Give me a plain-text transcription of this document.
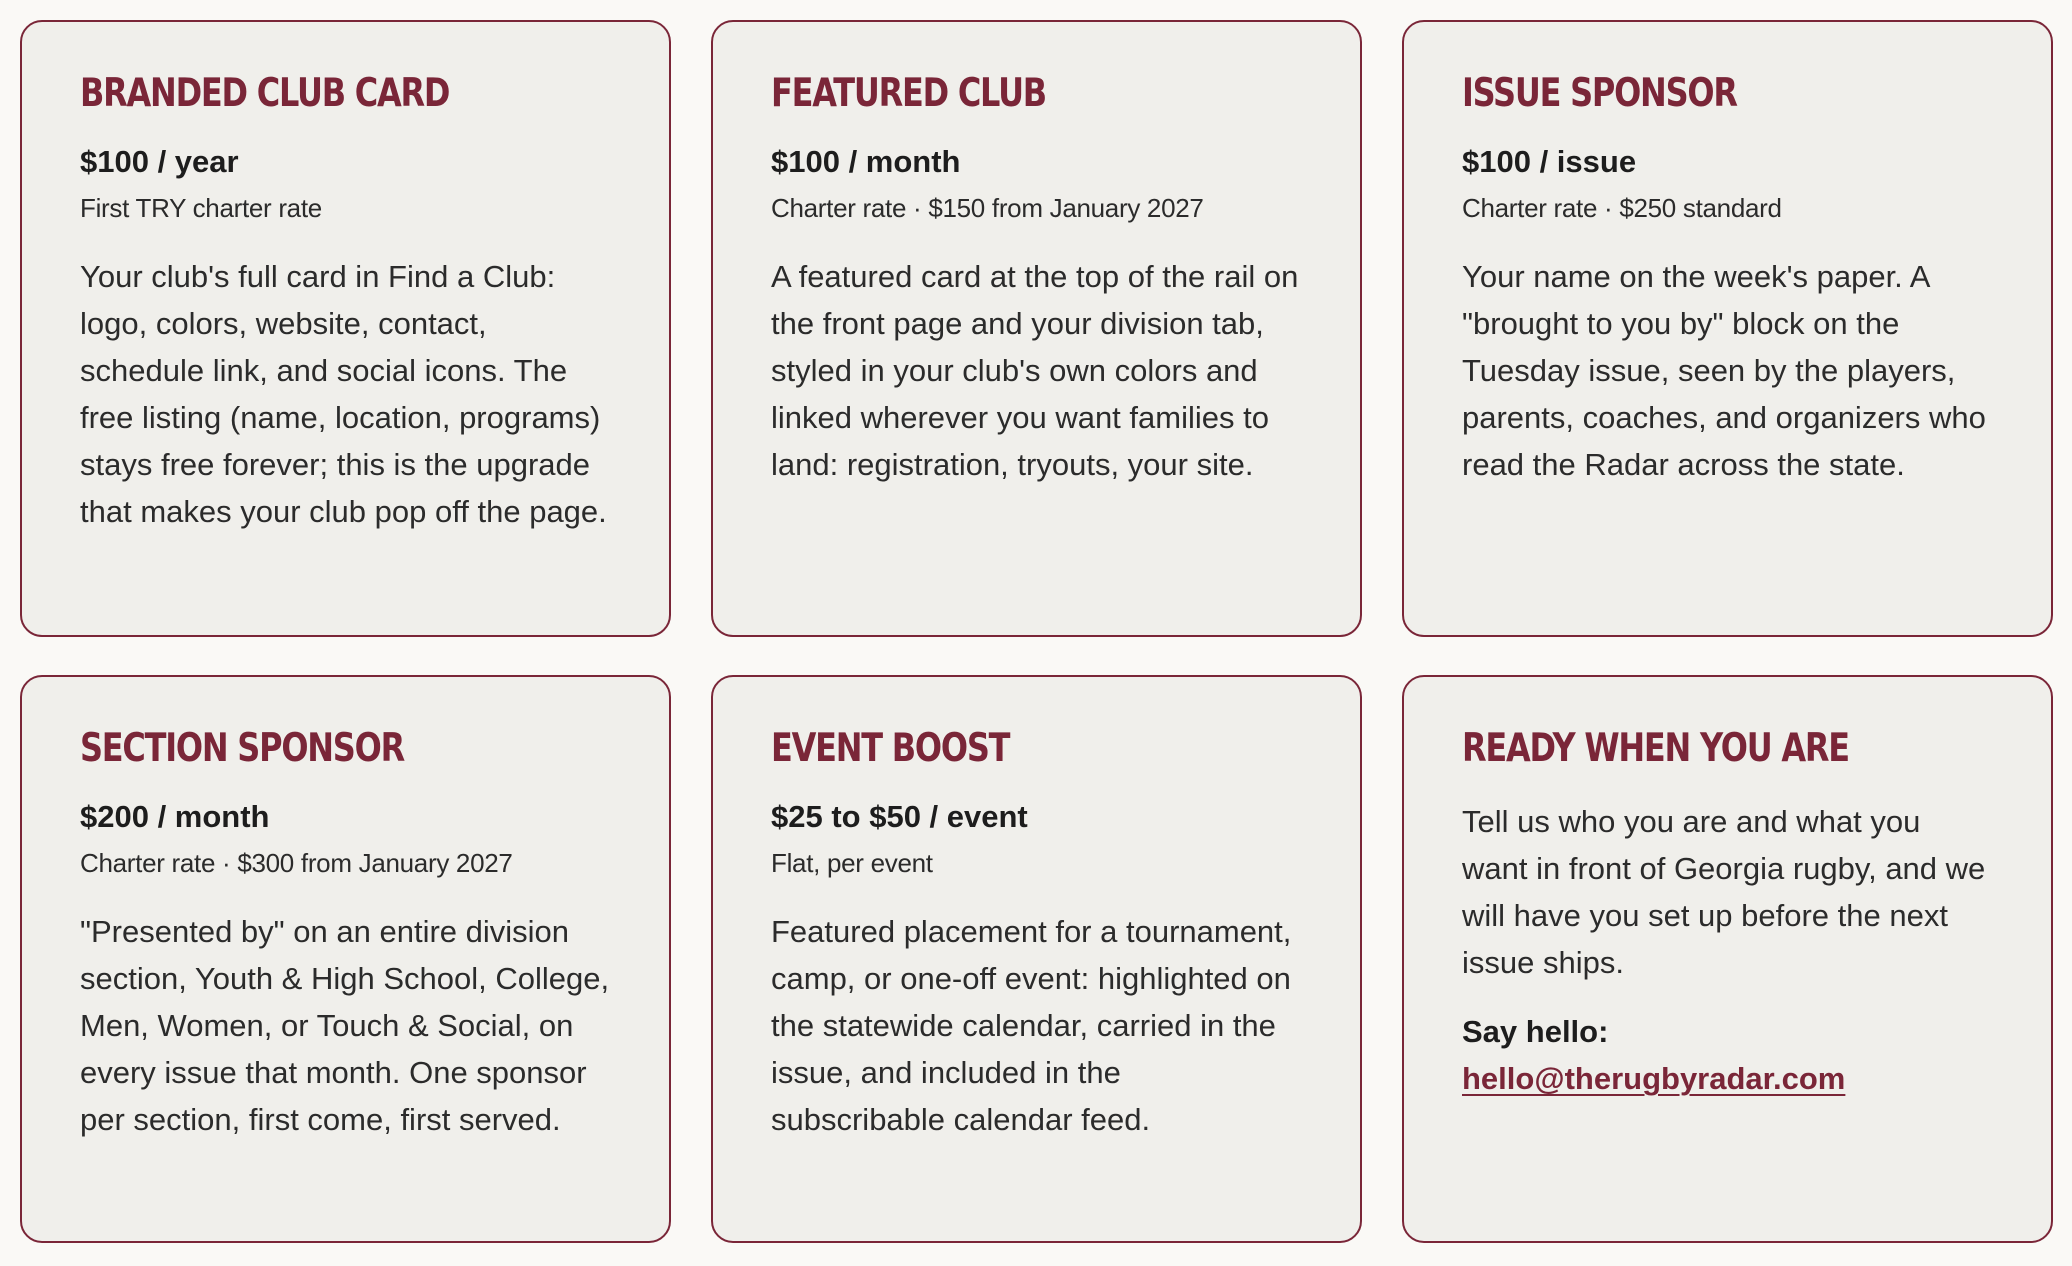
BRANDED CLUB CARD
$100 / year
First TRY charter rate

Your club's full card in Find a Club: logo, colors, website, contact, schedule link, and social icons. The free listing (name, location, programs) stays free forever; this is the upgrade that makes your club pop off the page.

FEATURED CLUB
$100 / month
Charter rate · $150 from January 2027

A featured card at the top of the rail on the front page and your division tab, styled in your club's own colors and linked wherever you want families to land: registration, tryouts, your site.

ISSUE SPONSOR
$100 / issue
Charter rate · $250 standard

Your name on the week's paper. A "brought to you by" block on the Tuesday issue, seen by the players, parents, coaches, and organizers who read the Radar across the state.

SECTION SPONSOR
$200 / month
Charter rate · $300 from January 2027

"Presented by" on an entire division section, Youth & High School, College, Men, Women, or Touch & Social, on every issue that month. One sponsor per section, first come, first served.

EVENT BOOST
$25 to $50 / event
Flat, per event

Featured placement for a tournament, camp, or one-off event: highlighted on the statewide calendar, carried in the issue, and included in the subscribable calendar feed.

READY WHEN YOU ARE

Tell us who you are and what you want in front of Georgia rugby, and we will have you set up before the next issue ships.

Say hello:
hello@therugbyradar.com
